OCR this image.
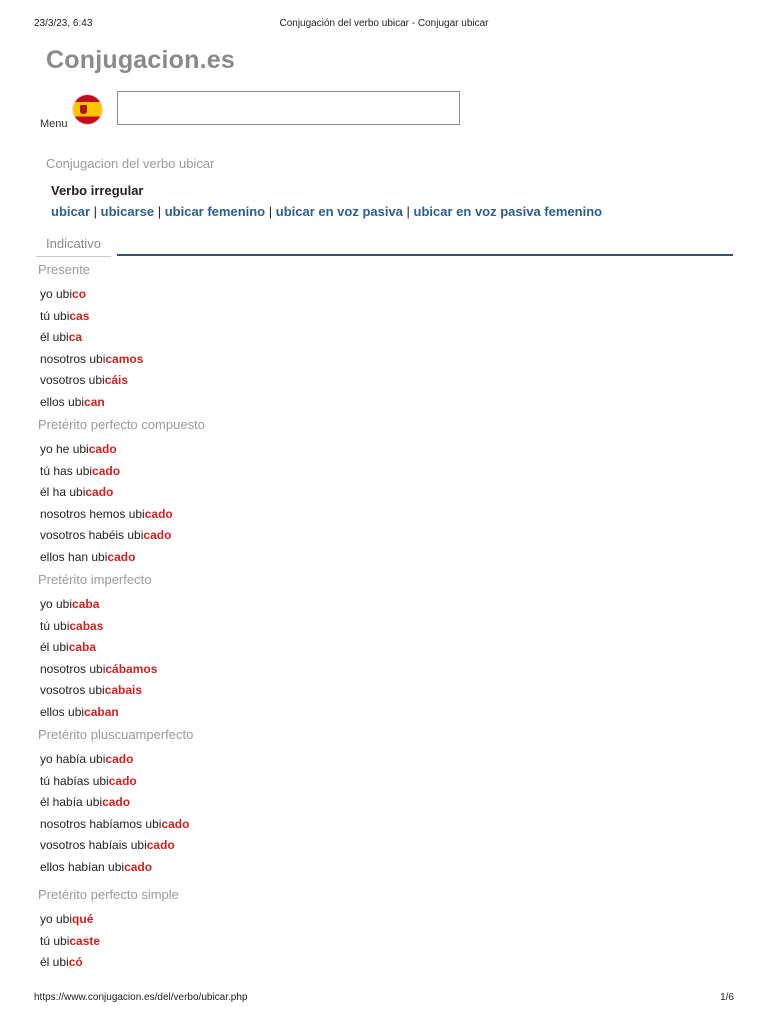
23/3/23, 6:43	Conjugación del verbo ubicar - Conjugar ubicar
Conjugacion.es
Menu
Conjugacion del verbo ubicar
Verbo irregular
ubicar | ubicarse | ubicar femenino | ubicar en voz pasiva | ubicar en voz pasiva femenino
Indicativo
Presente
yo ubico
tú ubicas
él ubica
nosotros ubicamos
vosotros ubicáis
ellos ubican
Pretérito perfecto compuesto
yo he ubicado
tú has ubicado
él ha ubicado
nosotros hemos ubicado
vosotros habéis ubicado
ellos han ubicado
Pretérito imperfecto
yo ubicaba
tú ubicabas
él ubicaba
nosotros ubicábamos
vosotros ubicabais
ellos ubicaban
Pretérito pluscuamperfecto
yo había ubicado
tú habías ubicado
él había ubicado
nosotros habíamos ubicado
vosotros habíais ubicado
ellos habían ubicado
Pretérito perfecto simple
yo ubiqué
tú ubicaste
él ubicó
https://www.conjugacion.es/del/verbo/ubicar.php	1/6
